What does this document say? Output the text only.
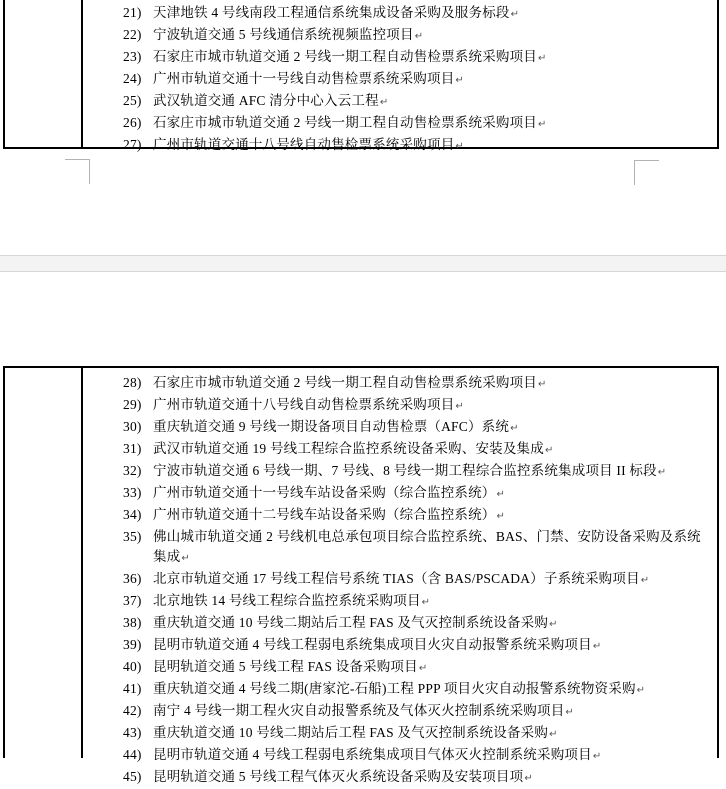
21) 天津地铁 4 号线南段工程通信系统集成设备采购及服务标段↵
22) 宁波轨道交通 5 号线通信系统视频监控项目↵
23) 石家庄市城市轨道交通 2 号线一期工程自动售检票系统采购项目↵
24) 广州市轨道交通十一号线自动售检票系统采购项目↵
25) 武汉轨道交通 AFC 清分中心入云工程↵
26) 石家庄市城市轨道交通 2 号线一期工程自动售检票系统采购项目↵
27) 广州市轨道交通十八号线自动售检票系统采购项目↵
28) 石家庄市城市轨道交通 2 号线一期工程自动售检票系统采购项目↵
29) 广州市轨道交通十八号线自动售检票系统采购项目↵
30) 重庆轨道交通 9 号线一期设备项目自动售检票（AFC）系统↵
31) 武汉市轨道交通 19 号线工程综合监控系统设备采购、安装及集成↵
32) 宁波市轨道交通 6 号线一期、7 号线、8 号线一期工程综合监控系统集成项目 II 标段↵
33) 广州市轨道交通十一号线车站设备采购（综合监控系统）↵
34) 广州市轨道交通十二号线车站设备采购（综合监控系统）↵
35) 佛山城市轨道交通 2 号线机电总承包项目综合监控系统、BAS、门禁、安防设备采购及系统集成↵
36) 北京市轨道交通 17 号线工程信号系统 TIAS（含 BAS/PSCADA）子系统采购项目↵
37) 北京地铁 14 号线工程综合监控系统采购项目↵
38) 重庆轨道交通 10 号线二期站后工程 FAS 及气灭控制系统设备采购↵
39) 昆明市轨道交通 4 号线工程弱电系统集成项目火灾自动报警系统采购项目↵
40) 昆明轨道交通 5 号线工程 FAS 设备采购项目↵
41) 重庆轨道交通 4 号线二期(唐家沱-石船)工程 PPP 项目火灾自动报警系统物资采购↵
42) 南宁 4 号线一期工程火灾自动报警系统及气体灭火控制系统采购项目↵
43) 重庆轨道交通 10 号线二期站后工程 FAS 及气灭控制系统设备采购↵
44) 昆明市轨道交通 4 号线工程弱电系统集成项目气体灭火控制系统采购项目↵
45) 昆明轨道交通 5 号线工程气体灭火系统设备采购及安装项目项↵
